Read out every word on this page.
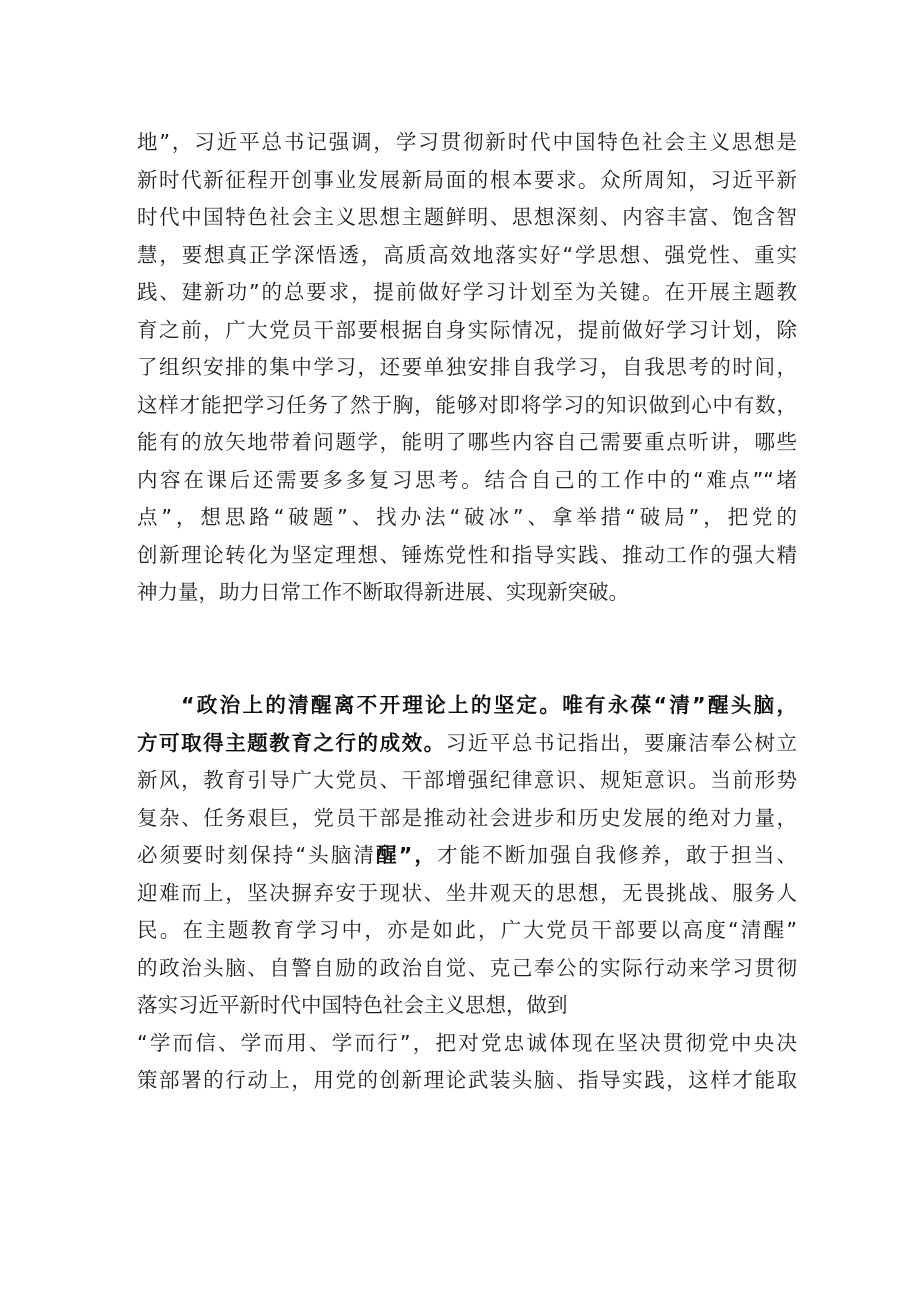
地”，习近平总书记强调，学习贯彻新时代中国特色社会主义思想是
新时代新征程开创事业发展新局面的根本要求。众所周知，习近平新
时代中国特色社会主义思想主题鲜明、思想深刻、内容丰富、饱含智
慧，要想真正学深悟透，高质高效地落实好“学思想、强党性、重实
践、建新功”的总要求，提前做好学习计划至为关键。在开展主题教
育之前，广大党员干部要根据自身实际情况，提前做好学习计划，除
了组织安排的集中学习，还要单独安排自我学习，自我思考的时间，
这样才能把学习任务了然于胸，能够对即将学习的知识做到心中有数，
能有的放矢地带着问题学，能明了哪些内容自己需要重点听讲，哪些
内容在课后还需要多多复习思考。结合自己的工作中的“难点”“堵
点”，想思路“破题”、找办法“破冰”、拿举措“破局”，把党的
创新理论转化为坚定理想、锤炼党性和指导实践、推动工作的强大精
神力量，助力日常工作不断取得新进展、实现新突破。
“政治上的清醒离不开理论上的坚定。唯有永葆“清”醒头脑，
方可取得主题教育之行的成效。习近平总书记指出，要廉洁奉公树立
新风，教育引导广大党员、干部增强纪律意识、规矩意识。当前形势
复杂、任务艰巨，党员干部是推动社会进步和历史发展的绝对力量，
必须要时刻保持“头脑清醒”，才能不断加强自我修养，敢于担当、
迎难而上，坚决摒弃安于现状、坐井观天的思想，无畏挑战、服务人
民。在主题教育学习中，亦是如此，广大党员干部要以高度“清醒”
的政治头脑、自警自励的政治自觉、克己奉公的实际行动来学习贯彻
落实习近平新时代中国特色社会主义思想，做到
“学而信、学而用、学而行”，把对党忠诚体现在坚决贯彻党中央决
策部署的行动上，用党的创新理论武装头脑、指导实践，这样才能取
